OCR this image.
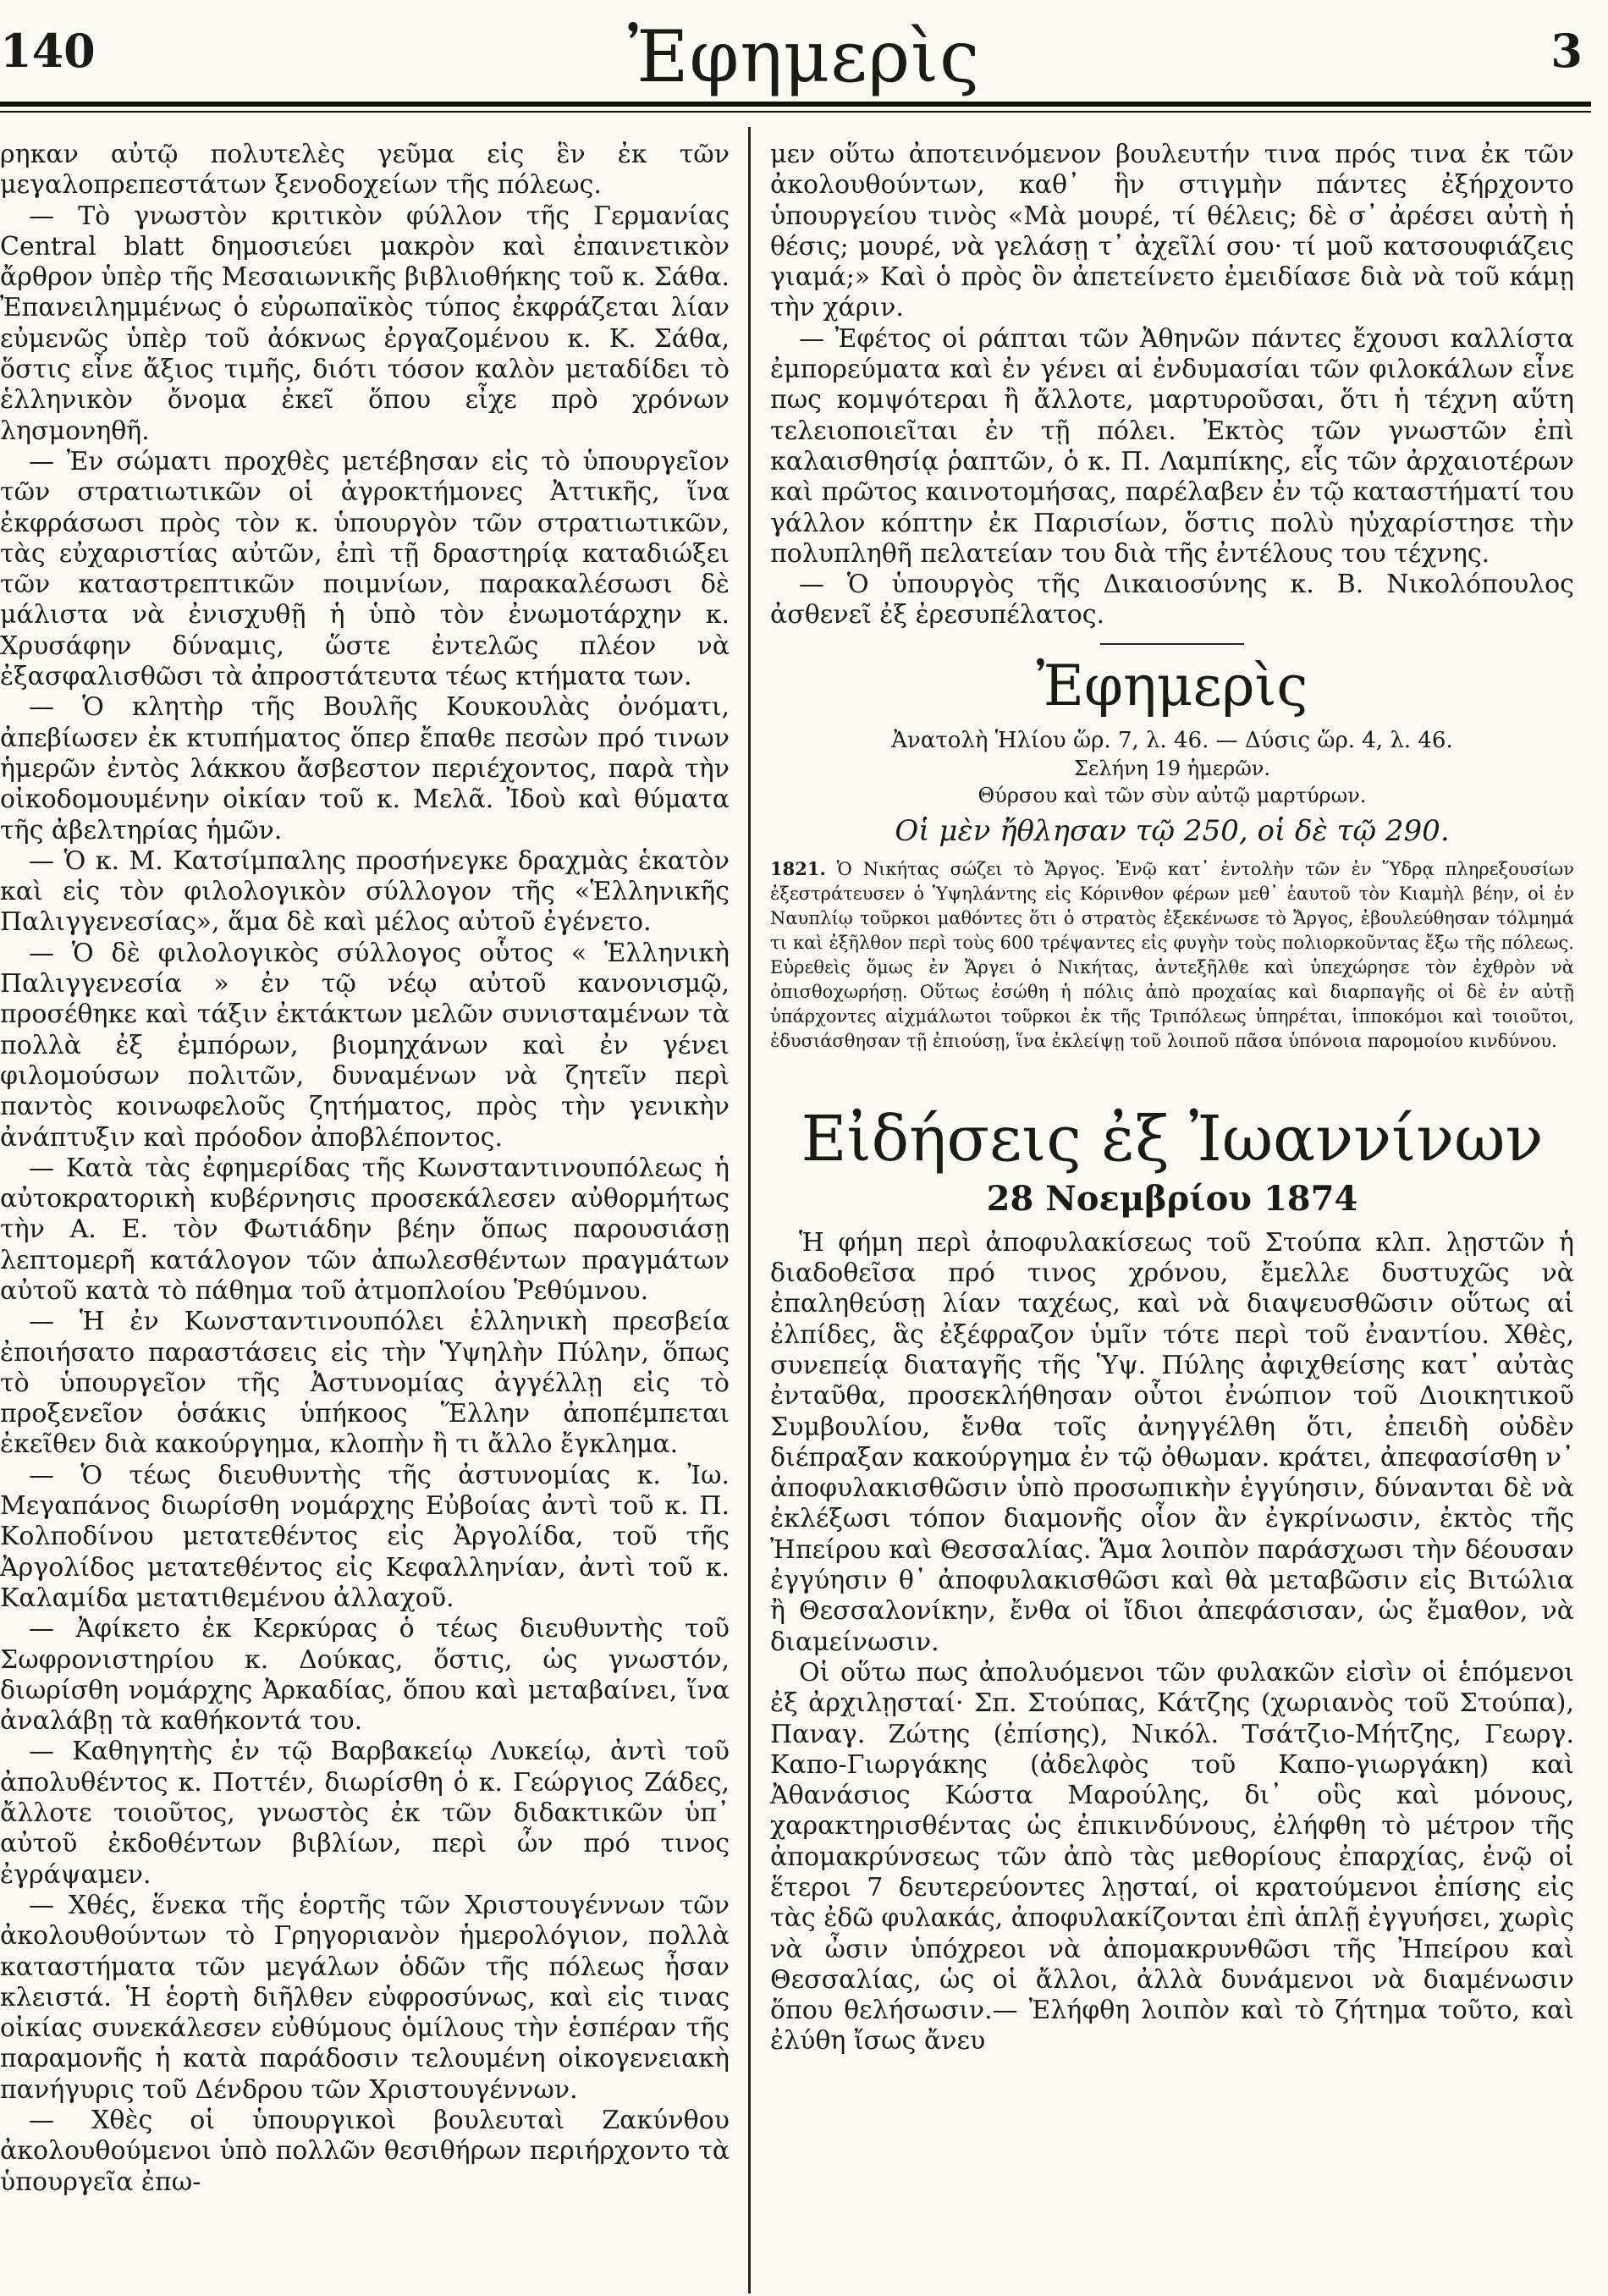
140	Ἐφημερὶς	3

ρηκαν αὐτῷ πολυτελὲς γεῦμα εἰς ἓν ἐκ τῶν μεγαλοπρεπεστάτων ξενοδοχείων τῆς πόλεως.

— Τὸ γνωστὸν κριτικὸν φύλλον τῆς Γερμανίας Central blatt δημοσιεύει μακρὸν καὶ ἐπαινετικὸν ἄρθρον ὑπὲρ τῆς Μεσαιωνικῆς βιβλιοθήκης τοῦ κ. Σάθα. Ἐπανειλημμένως ὁ εὐρωπαϊκὸς τύπος ἐκφράζεται λίαν εὐμενῶς ὑπὲρ τοῦ ἀόκνως ἐργαζομένου κ. Κ. Σάθα, ὅστις εἶνε ἄξιος τιμῆς, διότι τόσον καλὸν μεταδίδει τὸ ἑλληνικὸν ὄνομα ἐκεῖ ὅπου εἶχε πρὸ χρόνων λησμονηθῆ.

— Ἐν σώματι προχθὲς μετέβησαν εἰς τὸ ὑπουργεῖον τῶν στρατιωτικῶν οἱ ἀγροκτήμονες Ἀττικῆς, ἵνα ἐκφράσωσι πρὸς τὸν κ. ὑπουργὸν τῶν στρατιωτικῶν, τὰς εὐχαριστίας αὐτῶν, ἐπὶ τῇ δραστηρίᾳ καταδιώξει τῶν καταστρεπτικῶν ποιμνίων, παρακαλέσωσι δὲ μάλιστα νὰ ἐνισχυθῇ ἡ ὑπὸ τὸν ἐνωμοτάρχην κ. Χρυσάφην δύναμις, ὥστε ἐντελῶς πλέον νὰ ἐξασφαλισθῶσι τὰ ἀπροστάτευτα τέως κτήματα των.

— Ὁ κλητὴρ τῆς Βουλῆς Κουκουλὰς ὀνόματι, ἀπεβίωσεν ἐκ κτυπήματος ὅπερ ἔπαθε πεσὼν πρό τινων ἡμερῶν ἐντὸς λάκκου ἄσβεστον περιέχοντος, παρὰ τὴν οἰκοδομουμένην οἰκίαν τοῦ κ. Μελᾶ. Ἰδοὺ καὶ θύματα τῆς ἀβελτηρίας ἡμῶν.

— Ὁ κ. Μ. Κατσίμπαλης προσήνεγκε δραχμὰς ἑκατὸν καὶ εἰς τὸν φιλολογικὸν σύλλογον τῆς «Ἑλληνικῆς Παλιγγενεσίας», ἅμα δὲ καὶ μέλος αὐτοῦ ἐγένετο.

— Ὁ δὲ φιλολογικὸς σύλλογος οὗτος « Ἑλληνικὴ Παλιγγενεσία » ἐν τῷ νέῳ αὐτοῦ κανονισμῷ, προσέθηκε καὶ τάξιν ἐκτάκτων μελῶν συνισταμένων τὰ πολλὰ ἐξ ἐμπόρων, βιομηχάνων καὶ ἐν γένει φιλομούσων πολιτῶν, δυναμένων νὰ ζητεῖν περὶ παντὸς κοινωφελοῦς ζητήματος, πρὸς τὴν γενικὴν ἀνάπτυξιν καὶ πρόοδον ἀποβλέποντος.

— Κατὰ τὰς ἐφημερίδας τῆς Κωνσταντινουπόλεως ἡ αὐτοκρατορικὴ κυβέρνησις προσεκάλεσεν αὐθορμήτως τὴν Α. Ε. τὸν Φωτιάδην βέην ὅπως παρουσιάσῃ λεπτομερῆ κατάλογον τῶν ἀπωλεσθέντων πραγμάτων αὐτοῦ κατὰ τὸ πάθημα τοῦ ἀτμοπλοίου Ῥεθύμνου.

— Ἡ ἐν Κωνσταντινουπόλει ἑλληνικὴ πρεσβεία ἐποιήσατο παραστάσεις εἰς τὴν Ὑψηλὴν Πύλην, ὅπως τὸ ὑπουργεῖον τῆς Ἀστυνομίας ἀγγέλλῃ εἰς τὸ προξενεῖον ὁσάκις ὑπήκοος Ἕλλην ἀποπέμπεται ἐκεῖθεν διὰ κακούργημα, κλοπὴν ἢ τι ἄλλο ἔγκλημα.

— Ὁ τέως διευθυντὴς τῆς ἀστυνομίας κ. Ἰω. Μεγαπάνος διωρίσθη νομάρχης Εὐβοίας ἀντὶ τοῦ κ. Π. Κολποδίνου μετατεθέντος εἰς Ἀργολίδα, τοῦ τῆς Ἀργολίδος μετατεθέντος εἰς Κεφαλληνίαν, ἀντὶ τοῦ κ. Καλαμίδα μετατιθεμένου ἀλλαχοῦ.

— Ἀφίκετο ἐκ Κερκύρας ὁ τέως διευθυντὴς τοῦ Σωφρονιστηρίου κ. Δούκας, ὅστις, ὡς γνωστόν, διωρίσθη νομάρχης Ἀρκαδίας, ὅπου καὶ μεταβαίνει, ἵνα ἀναλάβῃ τὰ καθήκοντά του.

— Καθηγητὴς ἐν τῷ Βαρβακείῳ Λυκείῳ, ἀντὶ τοῦ ἀπολυθέντος κ. Ποττέν, διωρίσθη ὁ κ. Γεώργιος Ζάδες, ἄλλοτε τοιοῦτος, γνωστὸς ἐκ τῶν διδακτικῶν ὑπ᾽ αὐτοῦ ἐκδοθέντων βιβλίων, περὶ ὧν πρό τινος ἐγράψαμεν.

— Χθές, ἕνεκα τῆς ἑορτῆς τῶν Χριστουγέννων τῶν ἀκολουθούντων τὸ Γρηγοριανὸν ἡμερολόγιον, πολλὰ καταστήματα τῶν μεγάλων ὁδῶν τῆς πόλεως ἦσαν κλειστά. Ἡ ἑορτὴ διῆλθεν εὐφροσύνως, καὶ εἰς τινας οἰκίας συνεκάλεσεν εὐθύμους ὁμίλους τὴν ἑσπέραν τῆς παραμονῆς ἡ κατὰ παράδοσιν τελουμένη οἰκογενειακὴ πανήγυρις τοῦ Δένδρου τῶν Χριστουγέννων.

— Χθὲς οἱ ὑπουργικοὶ βουλευταὶ Ζακύνθου ἀκολουθούμενοι ὑπὸ πολλῶν θεσιθήρων περιήρχοντο τὰ ὑπουργεῖα ἐπω-

μεν οὕτω ἀποτεινόμενον βουλευτήν τινα πρός τινα ἐκ τῶν ἀκολουθούντων, καθ᾽ ἣν στιγμὴν πάντες ἐξήρχοντο ὑπουργείου τινὸς «Μὰ μουρέ, τί θέλεις; δὲ σ᾽ ἀρέσει αὐτὴ ἡ θέσις; μουρέ, νὰ γελάσῃ τ᾽ ἀχεῖλί σου· τί μοῦ κατσουφιάζεις γιαμά;» Καὶ ὁ πρὸς ὃν ἀπετείνετο ἐμειδίασε διὰ νὰ τοῦ κάμῃ τὴν χάριν.

— Ἐφέτος οἱ ράπται τῶν Ἀθηνῶν πάντες ἔχουσι καλλίστα ἐμπορεύματα καὶ ἐν γένει αἱ ἐνδυμασίαι τῶν φιλοκάλων εἶνε πως κομψότεραι ἢ ἄλλοτε, μαρτυροῦσαι, ὅτι ἡ τέχνη αὕτη τελειοποιεῖται ἐν τῇ πόλει. Ἐκτὸς τῶν γνωστῶν ἐπὶ καλαισθησίᾳ ῥαπτῶν, ὁ κ. Π. Λαμπίκης, εἷς τῶν ἀρχαιοτέρων καὶ πρῶτος καινοτομήσας, παρέλαβεν ἐν τῷ καταστήματί του γάλλον κόπτην ἐκ Παρισίων, ὅστις πολὺ ηὐχαρίστησε τὴν πολυπληθῆ πελατείαν του διὰ τῆς ἐντέλους του τέχνης.

— Ὁ ὑπουργὸς τῆς Δικαιοσύνης κ. Β. Νικολόπουλος ἀσθενεῖ ἐξ ἐρεσυπέλατος.

Ἐφημερὶς
Ἀνατολὴ Ἡλίου ὥρ. 7, λ. 46. — Δύσις ὥρ. 4, λ. 46.
Σελήνη 19 ἡμερῶν.
Θύρσου καὶ τῶν σὺν αὐτῷ μαρτύρων.
Οἱ μὲν ἤθλησαν τῷ 250, οἱ δὲ τῷ 290.
1821. Ὁ Νικήτας σώζει τὸ Ἄργος. Ἐνῷ κατ᾽ ἐντολὴν τῶν ἐν Ὕδρᾳ πληρεξουσίων ἐξεστράτευσεν ὁ Ὑψηλάντης εἰς Κόρινθον φέρων μεθ᾽ ἑαυτοῦ τὸν Κιαμὴλ βέην, οἱ ἐν Ναυπλίῳ τοῦρκοι μαθόντες ὅτι ὁ στρατὸς ἐξεκένωσε τὸ Ἄργος, ἐβουλεύθησαν τόλμημά τι καὶ ἐξῆλθον περὶ τοὺς 600 τρέψαντες εἰς φυγὴν τοὺς πολιορκοῦντας ἔξω τῆς πόλεως. Εὑρεθεὶς ὅμως ἐν Ἄργει ὁ Νικήτας, ἀντεξῆλθε καὶ ὑπεχώρησε τὸν ἐχθρὸν νὰ ὀπισθοχωρήσῃ. Οὕτως ἐσώθη ἡ πόλις ἀπὸ προχαίας καὶ διαρπαγῆς οἱ δὲ ἐν αὐτῇ ὑπάρχοντες αἰχμάλωτοι τοῦρκοι ἐκ τῆς Τριπόλεως ὑπηρέται, ἱπποκόμοι καὶ τοιοῦτοι, ἐδυσιάσθησαν τῇ ἐπιούσῃ, ἵνα ἐκλείψῃ τοῦ λοιποῦ πᾶσα ὑπόνοια παρομοίου κινδύνου.
Εἰδήσεις ἐξ Ἰωαννίνων
28 Νοεμβρίου 1874

Ἡ φήμη περὶ ἀποφυλακίσεως τοῦ Στούπα κλπ. λῃστῶν ἡ διαδοθεῖσα πρό τινος χρόνου, ἔμελλε δυστυχῶς νὰ ἐπαληθεύσῃ λίαν ταχέως, καὶ νὰ διαψευσθῶσιν οὕτως αἱ ἐλπίδες, ἃς ἐξέφραζον ὑμῖν τότε περὶ τοῦ ἐναντίου. Χθὲς, συνεπείᾳ διαταγῆς τῆς Ὑψ. Πύλης ἀφιχθείσης κατ᾽ αὐτὰς ἐνταῦθα, προσεκλήθησαν οὗτοι ἐνώπιον τοῦ Διοικητικοῦ Συμβουλίου, ἔνθα τοῖς ἀνηγγέλθη ὅτι, ἐπειδὴ οὐδὲν διέπραξαν κακούργημα ἐν τῷ ὀθωμαν. κράτει, ἀπεφασίσθη ν᾽ ἀποφυλακισθῶσιν ὑπὸ προσωπικὴν ἐγγύησιν, δύνανται δὲ νὰ ἐκλέξωσι τόπον διαμονῆς οἷον ἂν ἐγκρίνωσιν, ἐκτὸς τῆς Ἠπείρου καὶ Θεσσαλίας. Ἅμα λοιπὸν παράσχωσι τὴν δέουσαν ἐγγύησιν θ᾽ ἀποφυλακισθῶσι καὶ θὰ μεταβῶσιν εἰς Βιτώλια ἢ Θεσσαλονίκην, ἔνθα οἱ ἴδιοι ἀπεφάσισαν, ὡς ἔμαθον, νὰ διαμείνωσιν.

Οἱ οὕτω πως ἀπολυόμενοι τῶν φυλακῶν εἰσὶν οἱ ἑπόμενοι ἐξ ἀρχιλῃσταί· Σπ. Στούπας, Κάτζης (χωριανὸς τοῦ Στούπα), Παναγ. Ζώτης (ἐπίσης), Νικόλ. Τσάτζιο-Μήτζης, Γεωργ. Καπο-Γιωργάκης (ἀδελφὸς τοῦ Καπο-γιωργάκη) καὶ Ἀθανάσιος Κώστα Μαρούλης, δι᾽ οὓς καὶ μόνους, χαρακτηρισθέντας ὡς ἐπικινδύνους, ἐλήφθη τὸ μέτρον τῆς ἀπομακρύνσεως τῶν ἀπὸ τὰς μεθορίους ἐπαρχίας, ἐνῷ οἱ ἕτεροι 7 δευτερεύοντες λῃσταί, οἱ κρατούμενοι ἐπίσης εἰς τὰς ἐδῶ φυλακάς, ἀποφυλακίζονται ἐπὶ ἁπλῇ ἐγγυήσει, χωρὶς νὰ ὦσιν ὑπόχρεοι νὰ ἀπομακρυνθῶσι τῆς Ἠπείρου καὶ Θεσσαλίας, ὡς οἱ ἄλλοι, ἀλλὰ δυνάμενοι νὰ διαμένωσιν ὅπου θελήσωσιν.— Ἐλήφθη λοιπὸν καὶ τὸ ζήτημα τοῦτο, καὶ ἐλύθη ἴσως ἄνευ
